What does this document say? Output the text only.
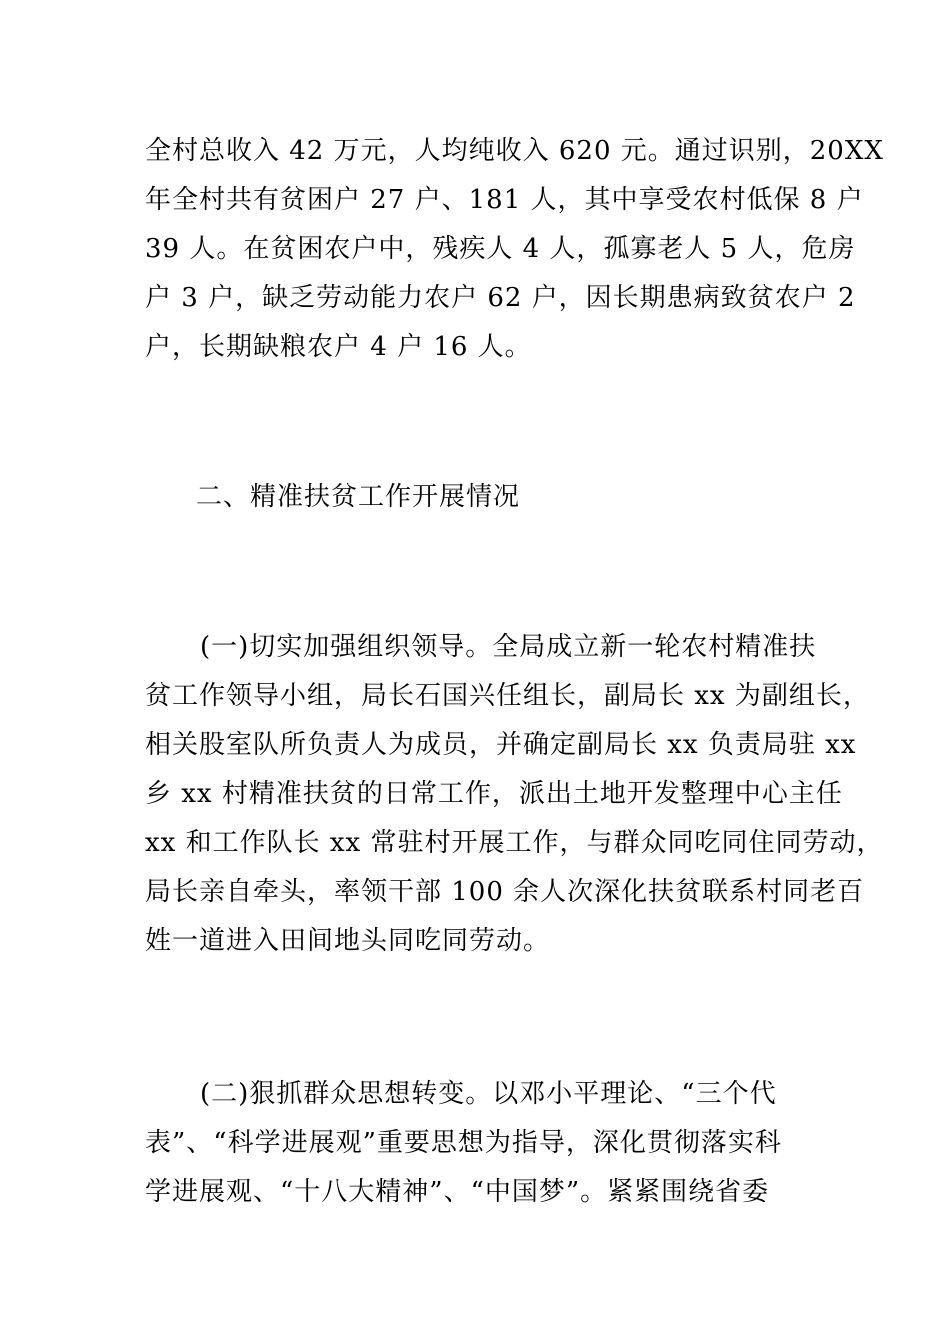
全村总收入 42 万元，人均纯收入 620 元。通过识别，20XX
年全村共有贫困户 27 户、181 人，其中享受农村低保 8 户
39 人。在贫困农户中，残疾人 4 人，孤寡老人 5 人，危房
户 3 户，缺乏劳动能力农户 62 户，因长期患病致贫农户 2
户，长期缺粮农户 4 户 16 人。
二、精准扶贫工作开展情况
(一)切实加强组织领导。全局成立新一轮农村精准扶
贫工作领导小组，局长石国兴任组长，副局长 xx 为副组长，
相关股室队所负责人为成员，并确定副局长 xx 负责局驻 xx
乡 xx 村精准扶贫的日常工作，派出土地开发整理中心主任
xx 和工作队长 xx 常驻村开展工作，与群众同吃同住同劳动，
局长亲自牵头，率领干部 100 余人次深化扶贫联系村同老百
姓一道进入田间地头同吃同劳动。
(二)狠抓群众思想转变。以邓小平理论、“三个代
表”、“科学进展观”重要思想为指导，深化贯彻落实科
学进展观、“十八大精神”、“中国梦”。紧紧围绕省委
